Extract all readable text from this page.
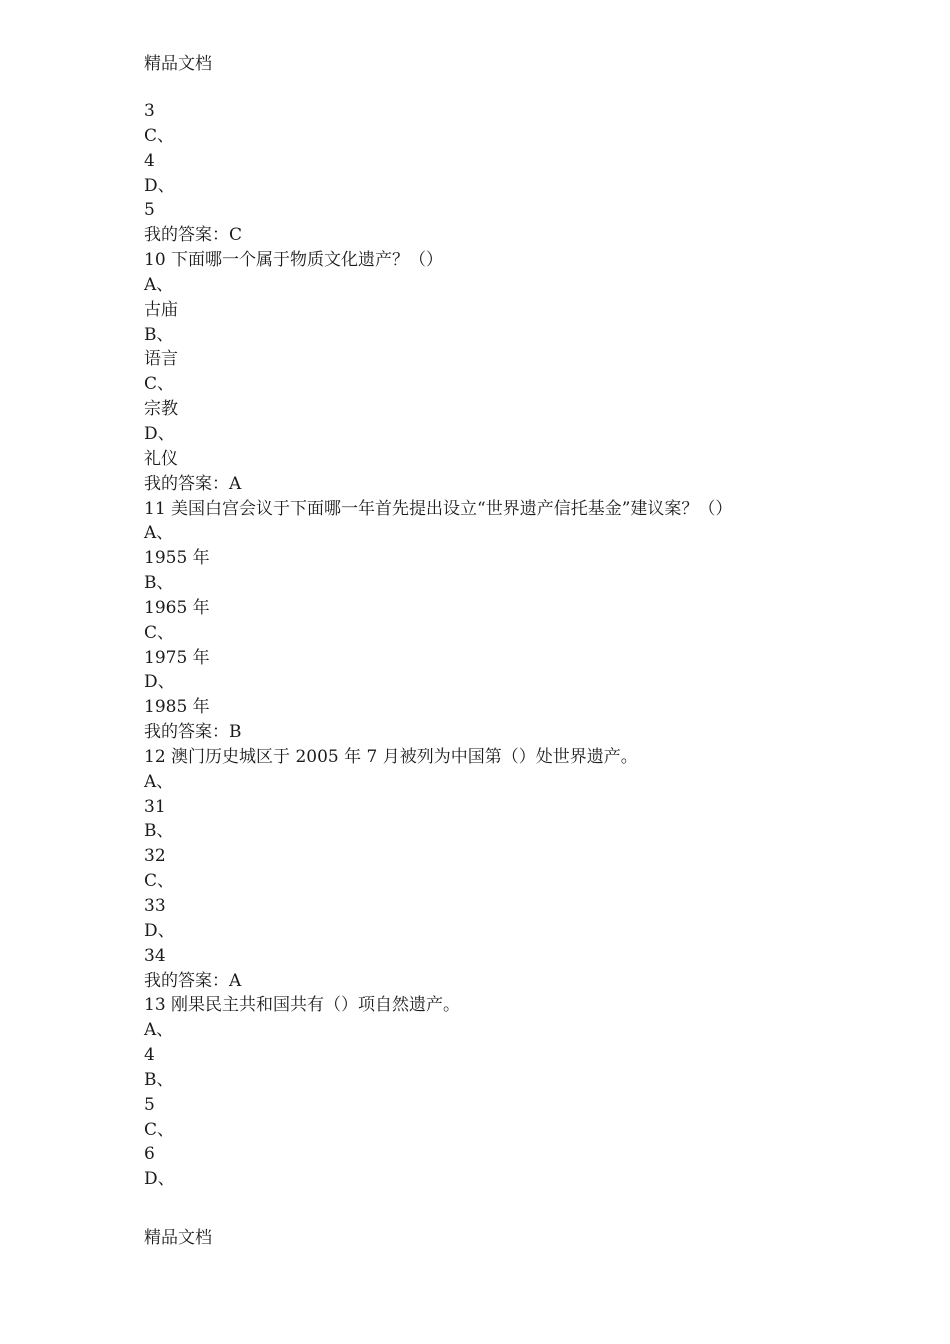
精品文档
3
C、
4
D、
5
我的答案：C
10 下面哪一个属于物质文化遗产？（）
A、
古庙
B、
语言
C、
宗教
D、
礼仪
我的答案：A
11 美国白宫会议于下面哪一年首先提出设立“世界遗产信托基金”建议案？（）
A、
1955 年
B、
1965 年
C、
1975 年
D、
1985 年
我的答案：B
12 澳门历史城区于 2005 年 7 月被列为中国第（）处世界遗产。
A、
31
B、
32
C、
33
D、
34
我的答案：A
13 刚果民主共和国共有（）项自然遗产。
A、
4
B、
5
C、
6
D、
精品文档
